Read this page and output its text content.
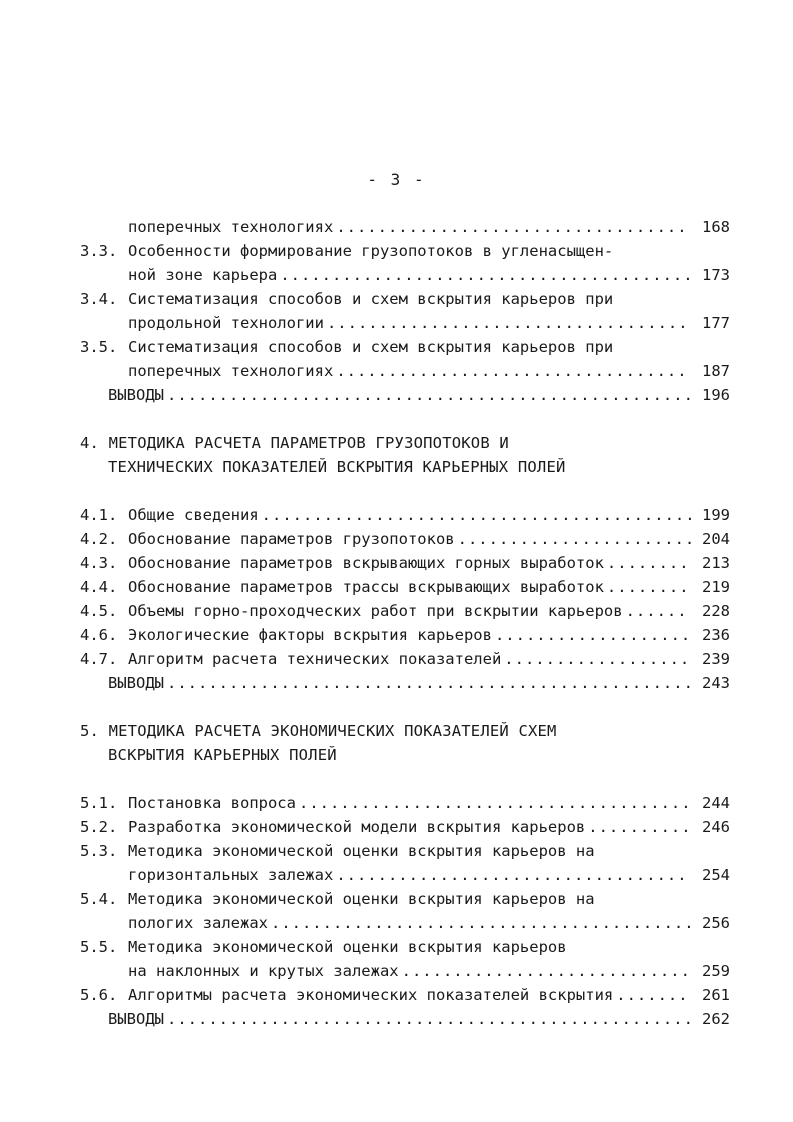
- 3 -
поперечных технологиях .....	168
3.3. Особенности формирование грузопотоков в угленасыщен-
ной зоне карьера .....	173
3.4. Систематизация способов и схем вскрытия карьеров при
продольной технологии .....	177
3.5. Систематизация способов и схем вскрытия карьеров при
поперечных технологиях .....	187
ВЫВОДЫ .....	196
4. МЕТОДИКА РАСЧЕТА ПАРАМЕТРОВ ГРУЗОПОТОКОВ И
ТЕХНИЧЕСКИХ ПОКАЗАТЕЛЕЙ ВСКРЫТИЯ КАРЬЕРНЫХ ПОЛЕЙ
4.1. Общие сведения .....	199
4.2. Обоснование параметров грузопотоков .....	204
4.3. Обоснование параметров вскрывающих горных выработок .....	213
4.4. Обоснование параметров трассы вскрывающих выработок .....	219
4.5. Объемы горно-проходческих работ при вскрытии карьеров .....	228
4.6. Экологические факторы вскрытия карьеров .....	236
4.7. Алгоритм расчета технических показателей .....	239
ВЫВОДЫ .....	243
5. МЕТОДИКА РАСЧЕТА ЭКОНОМИЧЕСКИХ ПОКАЗАТЕЛЕЙ СХЕМ
ВСКРЫТИЯ КАРЬЕРНЫХ ПОЛЕЙ
5.1. Постановка вопроса .....	244
5.2. Разработка экономической модели вскрытия карьеров .....	246
5.3. Методика экономической оценки вскрытия карьеров на
горизонтальных залежах .....	254
5.4. Методика экономической оценки вскрытия карьеров на
пологих залежах .....	256
5.5. Методика экономической оценки вскрытия карьеров
на наклонных и крутых залежах .....	259
5.6. Алгоритмы расчета экономических показателей вскрытия .....	261
ВЫВОДЫ .....	262
